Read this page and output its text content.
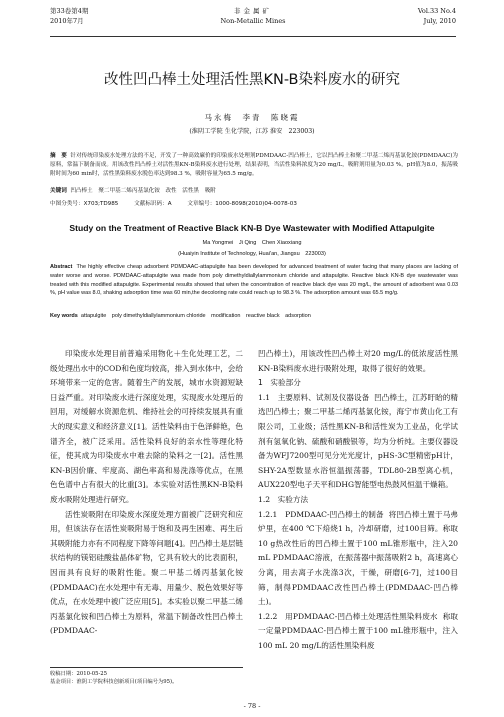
第33卷第4期
2010年7月
非金属矿
Non-Metallic Mines
Vol.33 No.4
July, 2010
改性凹凸棒土处理活性黑KN-B染料废水的研究
马永梅　李青　陈晓霞
(淮阴工学院 生化学院，江苏 淮安　223003)
摘　要 针对传统印染废水处理方法的不足，开发了一种高效廉价的印染废水处理剂PDMDAAC-凹凸棒土，它以凹凸棒土和聚二甲基二烯丙基氯化铵(PDMDAAC)为原料，常温下制备而成。用该改性凹凸棒土对活性黑KN-B染料废水进行处理，结果表明，当活性染料浓度为20 mg/L，吸附剂用量为0.03 %，pH值为8.0，振荡吸附时间为60 min时，活性黑染料废水脱色率达到98.3 %，吸附容量为65.5 mg/g。
关键词 凹凸棒土　聚二甲基二烯丙基氯化铵　改性　活性黑　吸附
中图分类号：X703;TD985	文献标识码：A	文章编号：1000-8098(2010)04-0078-03
Study on the Treatment of Reactive Black KN-B Dye Wastewater with Modified Attapulgite
Ma Yongmei　Ji Qing　Chen Xiaoxiang
(Huaiyin Institute of Technology, Huai'an, Jiangsu　223003)
Abstract The highly effective cheap adsorbent PDMDAAC-attapulgite has been developed for advanced treatment of water facing that many places are lacking of water worse and worse. PDMDAAC-attapulgite was made from poly dimethyldiallylammonium chloride and attapulgite. Reactive black KN-B dye wastewater was treated with this modified attapulgite. Experimental results showed that when the concentration of reactive black dye was 20 mg/L, the amount of adsorbent was 0.03 %, pH value was 8.0, shaking adsorption time was 60 min,the decoloring rate could reach up to 98.3 %. The adsorption amount was 65.5 mg/g.
Key words attapulgite　poly dimethyldiallylammonium chloride　modification　reactive black　adsorption

印染废水处理目前普遍采用物化＋生化处理工艺，二级处理出水中的COD和色度均较高，排入到水体中，会给环境带来一定的危害。随着生产的发展，城市水资源短缺日益严重。对印染废水进行深度处理，实现废水处理后的回用，对缓解水资源危机、维持社会的可持续发展具有重大的现实意义和经济意义[1]。活性染料由于色泽鲜艳，色谱齐全，被广泛采用。活性染料良好的亲水性等理化特征，使其成为印染废水中难去除的染料之一[2]。活性黑KN-B因价廉、牢度高、湖色率高和易洗涤等优点，在黑色色谱中占有很大的比重[3]。本实验对活性黑KN-B染料废水吸附处理进行研究。

活性炭吸附在印染废水深度处理方面被广泛研究和应用，但该法存在活性炭吸附易于饱和及再生困难、再生后其吸附能力亦有不同程度下降等问题[4]。凹凸棒土是层链状结构的镁铝硅酸盐晶体矿物，它具有较大的比表面积，因而具有良好的吸附性能。聚二甲基二烯丙基氯化铵(PDMDAAC)在水处理中有无毒、用量少、脱色效果好等优点，在水处理中被广泛应用[5]。本实验以聚二甲基二烯丙基氯化铵和凹凸棒土为原料，常温下制备改性凹凸棒土(PDMDAAC-

凹凸棒土)，用该改性凹凸棒土对20 mg/L的低浓度活性黑KN-B染料废水进行吸附处理，取得了很好的效果。

1　实验部分

1.1　主要原料、试剂及仪器设备 凹凸棒土，江苏盱眙的精选凹凸棒土；聚二甲基二烯丙基氯化铵，海宁市黄山化工有限公司，工业级；活性黑KN-B和活性炭为工业品，化学试剂有氢氧化钠、硫酸和硝酸银等，均为分析纯。主要仪器设备为WFJ7200型可见分光光度计，pHS-3C型精密pH计，SHY-2A型数显水浴恒温振荡器，TDL80-2B型离心机，AUX220型电子天平和DHG智能型电热鼓风恒温干燥箱。

1.2　实验方法

1.2.1　PDMDAAC-凹凸棒土的制备 将凹凸棒土置于马弗炉里，在400 ℃下焙烧1 h，冷却研磨，过100目筛。称取10 g热改性后的凹凸棒土置于100 mL锥形瓶中，注入20 mL PDMDAAC溶液，在振荡器中振荡吸附2 h，高速离心分离，用去离子水洗涤3次，干燥，研磨[6-7]，过100目筛，制得PDMDAAC改性凹凸棒土(PDMDAAC-凹凸棒土)。

1.2.2　用PDMDAAC-凹凸棒土处理活性黑染料废水 称取一定量PDMDAAC-凹凸棒土置于100 mL锥形瓶中，注入100 mL 20 mg/L的活性黑染料废

收稿日期：2010-05-25
基金项目：淮阴工学院科技创新项目(项目编号为95)。
- 78 -
